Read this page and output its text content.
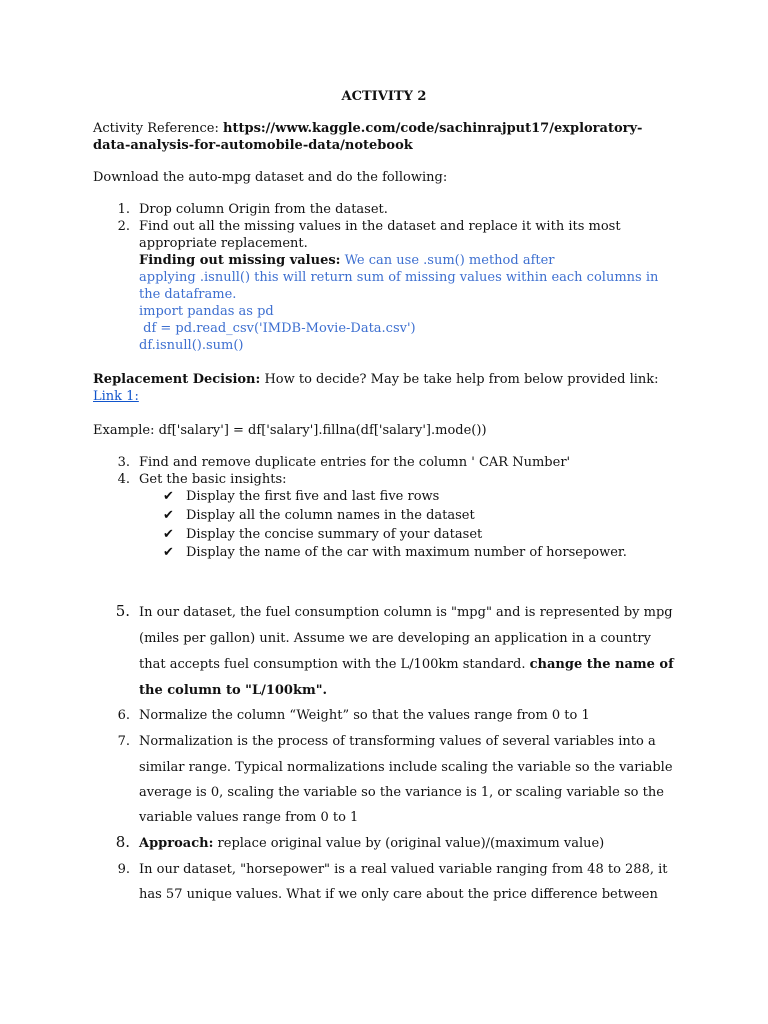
ACTIVITY 2
Activity Reference: https://www.kaggle.com/code/sachinrajput17/exploratory-
data-analysis-for-automobile-data/notebook
Download the auto-mpg dataset and do the following:
1. Drop column Origin from the dataset.
2. Find out all the missing values in the dataset and replace it with its most
appropriate replacement.
Finding out missing values: We can use .sum() method after
applying .isnull() this will return sum of missing values within each columns in
the dataframe.
import pandas as pd
df = pd.read_csv('IMDB-Movie-Data.csv')
df.isnull().sum()
Replacement Decision: How to decide? May be take help from below provided link:
Link 1:
Example: df['salary'] = df['salary'].fillna(df['salary'].mode())
3. Find and remove duplicate entries for the column ' CAR Number'
4. Get the basic insights:
✔ Display the first five and last five rows
✔ Display all the column names in the dataset
✔ Display the concise summary of your dataset
✔ Display the name of the car with maximum number of horsepower.
5. In our dataset, the fuel consumption column is "mpg" and is represented by mpg
(miles per gallon) unit. Assume we are developing an application in a country
that accepts fuel consumption with the L/100km standard. change the name of
the column to "L/100km".
6. Normalize the column “Weight” so that the values range from 0 to 1
7. Normalization is the process of transforming values of several variables into a
similar range. Typical normalizations include scaling the variable so the variable
average is 0, scaling the variable so the variance is 1, or scaling variable so the
variable values range from 0 to 1
8. Approach: replace original value by (original value)/(maximum value)
9. In our dataset, "horsepower" is a real valued variable ranging from 48 to 288, it
has 57 unique values. What if we only care about the price difference between
